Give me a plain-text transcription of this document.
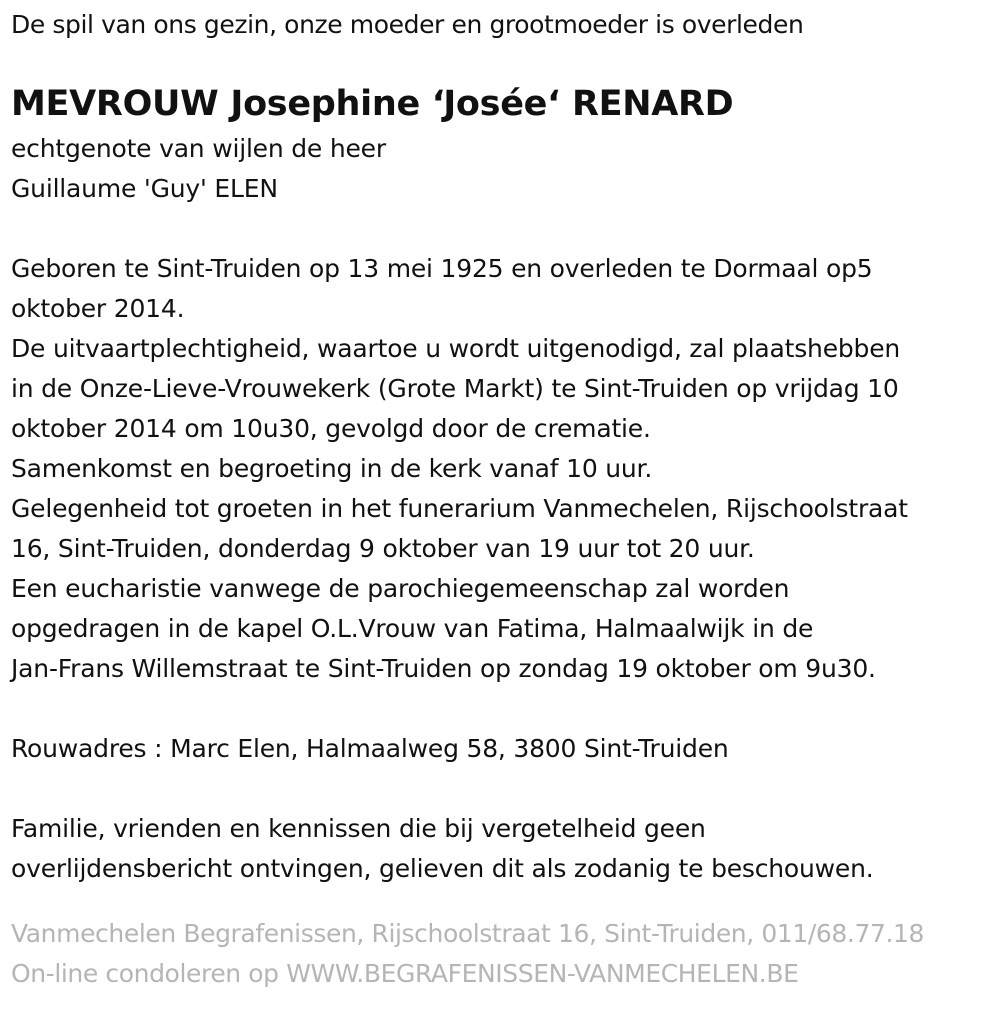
De spil van ons gezin, onze moeder en grootmoeder is overleden
MEVROUW Josephine ‘Josée‘ RENARD
echtgenote van wijlen de heer
Guillaume 'Guy' ELEN
Geboren te Sint-Truiden op 13 mei 1925 en overleden te Dormaal op5
oktober 2014.
De uitvaartplechtigheid, waartoe u wordt uitgenodigd, zal plaatshebben
in de Onze-Lieve-Vrouwekerk (Grote Markt) te Sint-Truiden op vrijdag 10
oktober 2014 om 10u30, gevolgd door de crematie.
Samenkomst en begroeting in de kerk vanaf 10 uur.
Gelegenheid tot groeten in het funerarium Vanmechelen, Rijschoolstraat
16, Sint-Truiden, donderdag 9 oktober van 19 uur tot 20 uur.
Een eucharistie vanwege de parochiegemeenschap zal worden
opgedragen in de kapel O.L.Vrouw van Fatima, Halmaalwijk in de
Jan-Frans Willemstraat te Sint-Truiden op zondag 19 oktober om 9u30.
Rouwadres : Marc Elen, Halmaalweg 58, 3800 Sint-Truiden
Familie, vrienden en kennissen die bij vergetelheid geen
overlijdensbericht ontvingen, gelieven dit als zodanig te beschouwen.
Vanmechelen Begrafenissen, Rijschoolstraat 16, Sint-Truiden, 011/68.77.18
On-line condoleren op WWW.BEGRAFENISSEN-VANMECHELEN.BE
